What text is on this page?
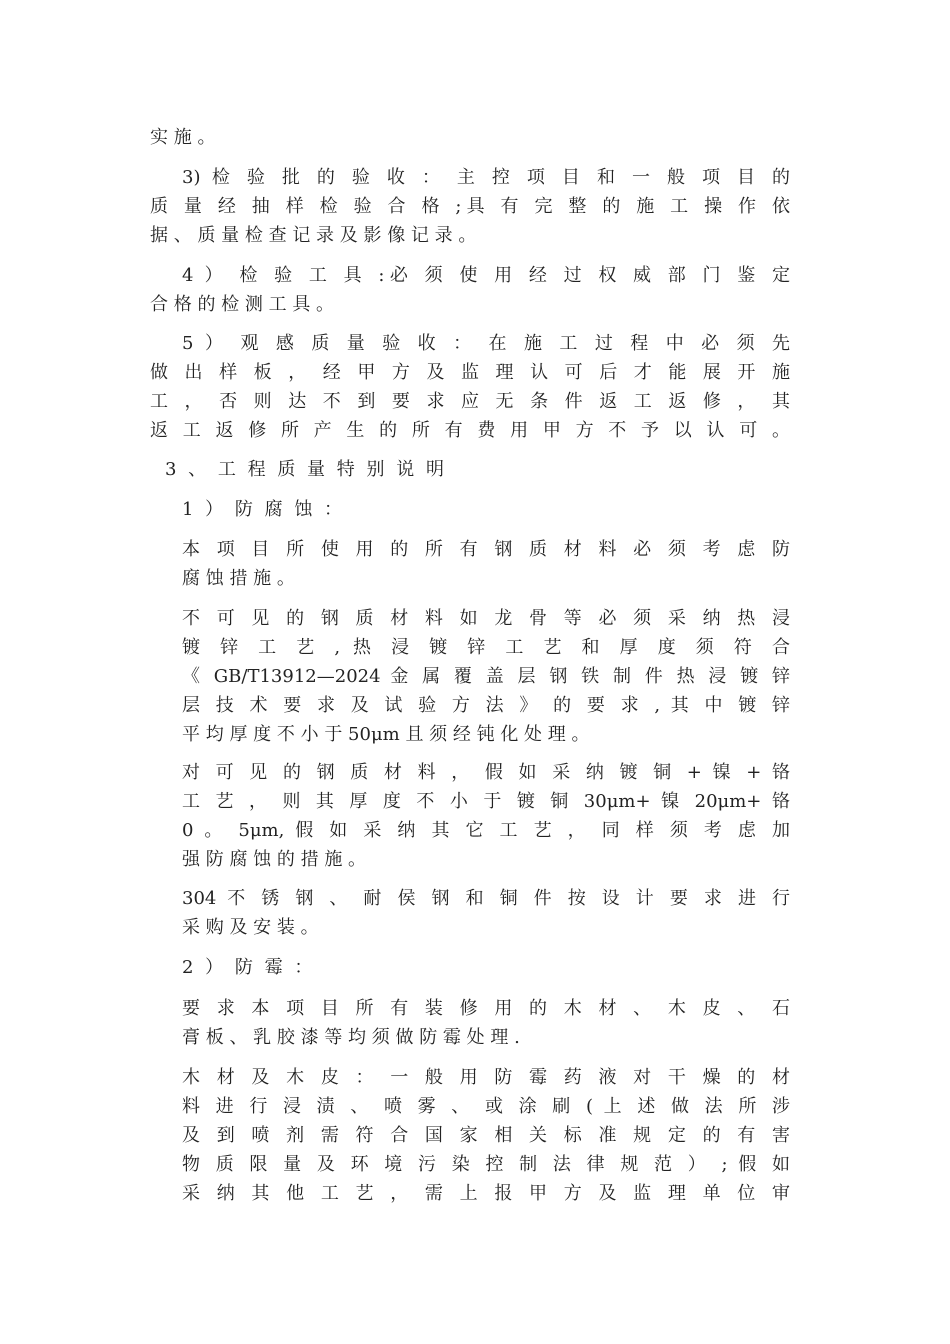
实 施 。
3) 检 验 批 的 验 收 ： 主 控 项 目 和 一 般 项 目 的
质 量 经 抽 样 检 验 合 格 ;具 有 完 整 的 施 工 操 作 依
据 、 质 量 检 查 记 录 及 影 像 记 录 。
4 ） 检 验 工 具 :必 须 使 用 经 过 权 威 部 门 鉴 定
合 格 的 检 测 工 具 。
5 ） 观 感 质 量 验 收 ： 在 施 工 过 程 中 必 须 先
做 出 样 板 ， 经 甲 方 及 监 理 认 可 后 才 能 展 开 施
工 ， 否 则 达 不 到 要 求 应 无 条 件 返 工 返 修 ， 其
返 工 返 修 所 产 生 的 所 有 费 用 甲 方 不 予 以 认 可 。
3 、 工 程 质 量 特 别 说 明
1 ） 防 腐 蚀 ：
本 项 目 所 使 用 的 所 有 钢 质 材 料 必 须 考 虑 防
腐 蚀 措 施 。
不 可 见 的 钢 质 材 料 如 龙 骨 等 必 须 采 纳 热 浸
镀 锌 工 艺 , 热 浸 镀 锌 工 艺 和 厚 度 须 符 合
《 GB/T13912—2024 金 属 覆 盖 层 钢 铁 制 件 热 浸 镀 锌
层 技 术 要 求 及 试 验 方 法 》 的 要 求 , 其 中 镀 锌
平 均 厚 度 不 小 于 50μm 且 须 经 钝 化 处 理 。
对 可 见 的 钢 质 材 料 ， 假 如 采 纳 镀 铜 + 镍 + 铬
工 艺 ， 则 其 厚 度 不 小 于 镀 铜 30μm+ 镍 20μm+ 铬
0 。 5μm, 假 如 采 纳 其 它 工 艺 ， 同 样 须 考 虑 加
强 防 腐 蚀 的 措 施 。
304 不 锈 钢 、 耐 侯 钢 和 铜 件 按 设 计 要 求 进 行
采 购 及 安 装 。
2 ） 防 霉 ：
要 求 本 项 目 所 有 装 修 用 的 木 材 、 木 皮 、 石
膏 板 、 乳 胶 漆 等 均 须 做 防 霉 处 理 .
木 材 及 木 皮 ： 一 般 用 防 霉 药 液 对 干 燥 的 材
料 进 行 浸 渍 、 喷 雾 、 或 涂 刷 ( 上 述 做 法 所 涉
及 到 喷 剂 需 符 合 国 家 相 关 标 准 规 定 的 有 害
物 质 限 量 及 环 境 污 染 控 制 法 律 规 范 ） ; 假 如
采 纳 其 他 工 艺 ， 需 上 报 甲 方 及 监 理 单 位 审
